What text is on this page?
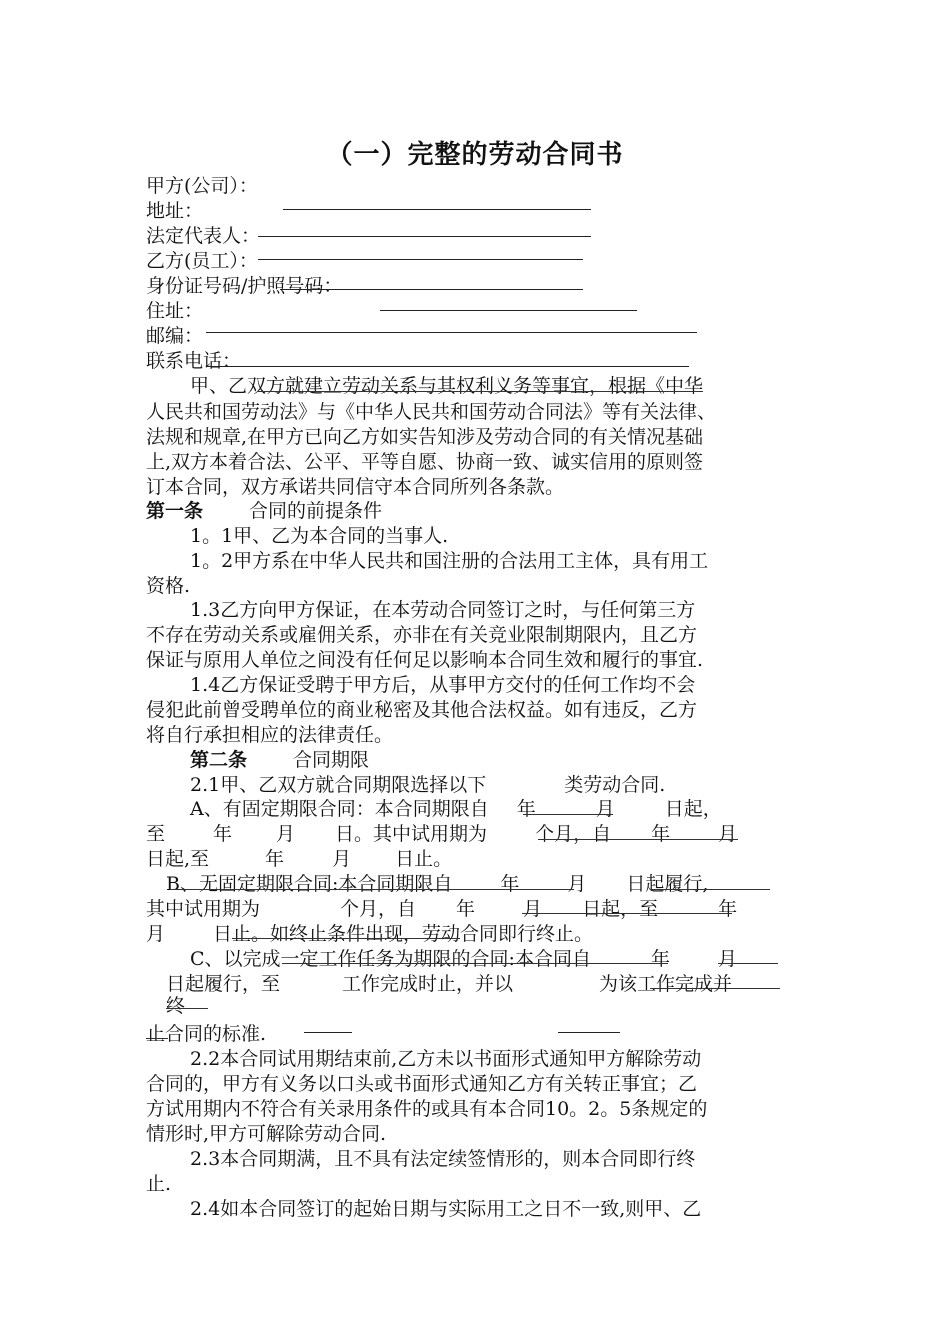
（一）完整的劳动合同书
甲方(公司）：
地址：
法定代表人：
乙方(员工）：
身份证号码/护照号码：
住址：
邮编：
联系电话：
甲、乙双方就建立劳动关系与其权利义务等事宜，根据《中华
人民共和国劳动法》与《中华人民共和国劳动合同法》等有关法律、
法规和规章,在甲方已向乙方如实告知涉及劳动合同的有关情况基础
上,双方本着合法、公平、平等自愿、协商一致、诚实信用的原则签
订本合同，双方承诺共同信守本合同所列各条款。
第一条 合同的前提条件
1。1甲、乙为本合同的当事人.
1。2甲方系在中华人民共和国注册的合法用工主体，具有用工
资格.
1.3乙方向甲方保证，在本劳动合同签订之时，与任何第三方
不存在劳动关系或雇佣关系，亦非在有关竞业限制期限内，且乙方
保证与原用人单位之间没有任何足以影响本合同生效和履行的事宜.
1.4乙方保证受聘于甲方后，从事甲方交付的任何工作均不会
侵犯此前曾受聘单位的商业秘密及其他合法权益。如有违反，乙方
将自行承担相应的法律责任。
第二条 合同期限
2.1甲、乙双方就合同期限选择以下	类劳动合同.
A、有固定期限合同：本合同期限自 年	月	日起，
至	年 月 日。其中试用期为	个月，自 年	月
日起,至	年	月 日止。
B、无固定期限合同:本合同期限自	年	月 日起履行,
其中试用期为	个月，自 年	月 日起，至	年
月	日止。如终止条件出现，劳动合同即行终止。
C、以完成一定工作任务为期限的合同:本合同自	年	月
日起履行，至	工作完成时止，并以	为该工作完成并
终
止合同的标准.
2.2本合同试用期结束前,乙方未以书面形式通知甲方解除劳动
合同的，甲方有义务以口头或书面形式通知乙方有关转正事宜；乙
方试用期内不符合有关录用条件的或具有本合同10。2。5条规定的
情形时,甲方可解除劳动合同.
2.3本合同期满，且不具有法定续签情形的，则本合同即行终
止.
2.4如本合同签订的起始日期与实际用工之日不一致,则甲、乙
